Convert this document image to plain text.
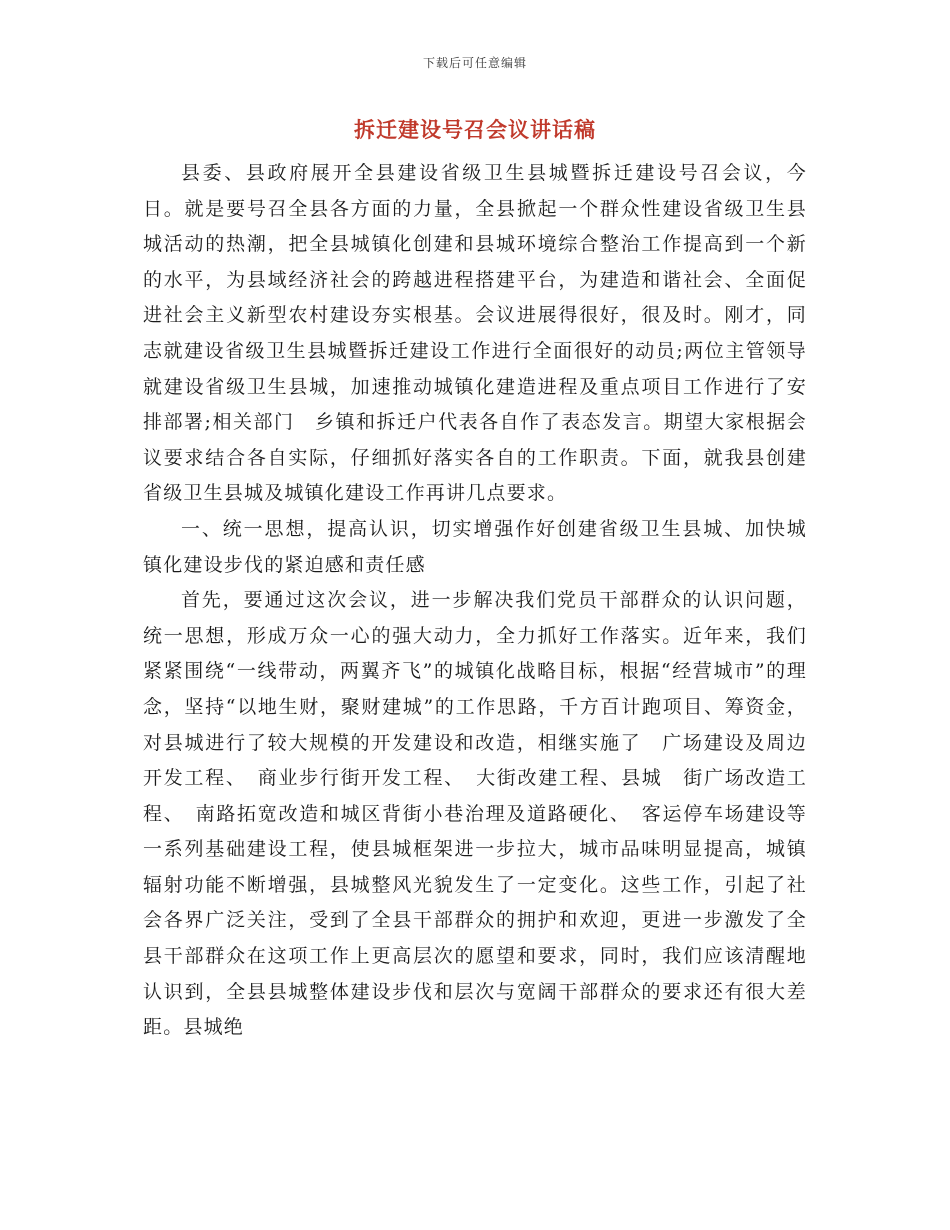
下载后可任意编辑
拆迁建设号召会议讲话稿

县委、县政府展开全县建设省级卫生县城暨拆迁建设号召会议，今日。就是要号召全县各方面的力量，全县掀起一个群众性建设省级卫生县城活动的热潮，把全县城镇化创建和县城环境综合整治工作提高到一个新的水平，为县域经济社会的跨越进程搭建平台，为建造和谐社会、全面促进社会主义新型农村建设夯实根基。会议进展得很好，很及时。刚才，同志就建设省级卫生县城暨拆迁建设工作进行全面很好的动员;两位主管领导就建设省级卫生县城，加速推动城镇化建造进程及重点项目工作进行了安排部署;相关部门　乡镇和拆迁户代表各自作了表态发言。期望大家根据会议要求结合各自实际，仔细抓好落实各自的工作职责。下面，就我县创建省级卫生县城及城镇化建设工作再讲几点要求。

一、统一思想，提高认识，切实增强作好创建省级卫生县城、加快城镇化建设步伐的紧迫感和责任感

首先，要通过这次会议，进一步解决我们党员干部群众的认识问题，统一思想，形成万众一心的强大动力，全力抓好工作落实。近年来，我们紧紧围绕“一线带动，两翼齐飞”的城镇化战略目标，根据“经营城市”的理念，坚持“以地生财，聚财建城”的工作思路，千方百计跑项目、筹资金，对县城进行了较大规模的开发建设和改造，相继实施了　广场建设及周边开发工程、　商业步行街开发工程、　大街改建工程、县城　街广场改造工程、　南路拓宽改造和城区背街小巷治理及道路硬化、　客运停车场建设等一系列基础建设工程，使县城框架进一步拉大，城市品味明显提高，城镇辐射功能不断增强，县城整风光貌发生了一定变化。这些工作，引起了社会各界广泛关注，受到了全县干部群众的拥护和欢迎，更进一步激发了全县干部群众在这项工作上更高层次的愿望和要求，同时，我们应该清醒地认识到，全县县城整体建设步伐和层次与宽阔干部群众的要求还有很大差距。县城绝
